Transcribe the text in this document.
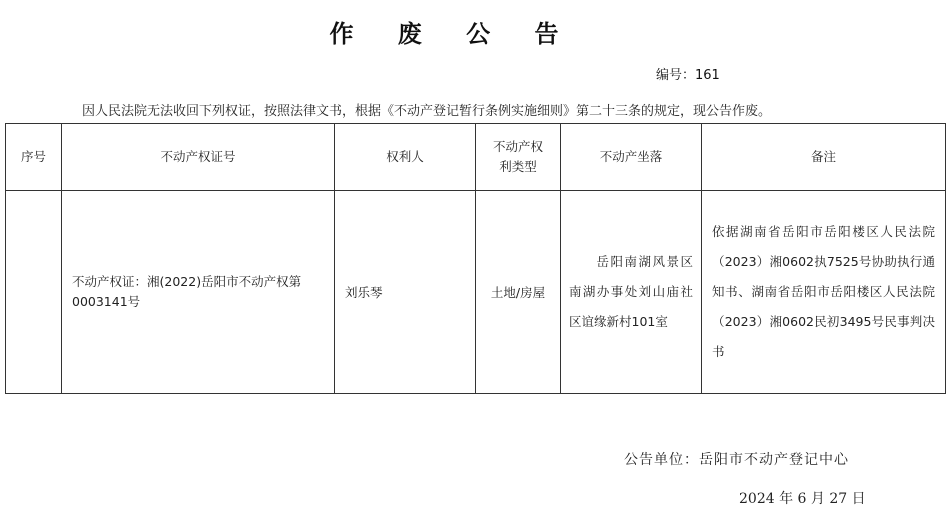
作 废 公 告
编号：161
因人民法院无法收回下列权证，按照法律文书，根据《不动产登记暂行条例实施细则》第二十三条的规定，现公告作废。
序号	不动产权证号	权利人	不动产权利类型	不动产坐落	备注
	不动产权证：湘(2022)岳阳市不动产权第0003141号	刘乐琴	土地/房屋	岳阳南湖风景区南湖办事处刘山庙社区谊缘新村101室	依据湖南省岳阳市岳阳楼区人民法院（2023）湘0602执7525号协助执行通知书、湖南省岳阳市岳阳楼区人民法院（2023）湘0602民初3495号民事判决书
公告单位：岳阳市不动产登记中心
2024 年 6 月 27 日
